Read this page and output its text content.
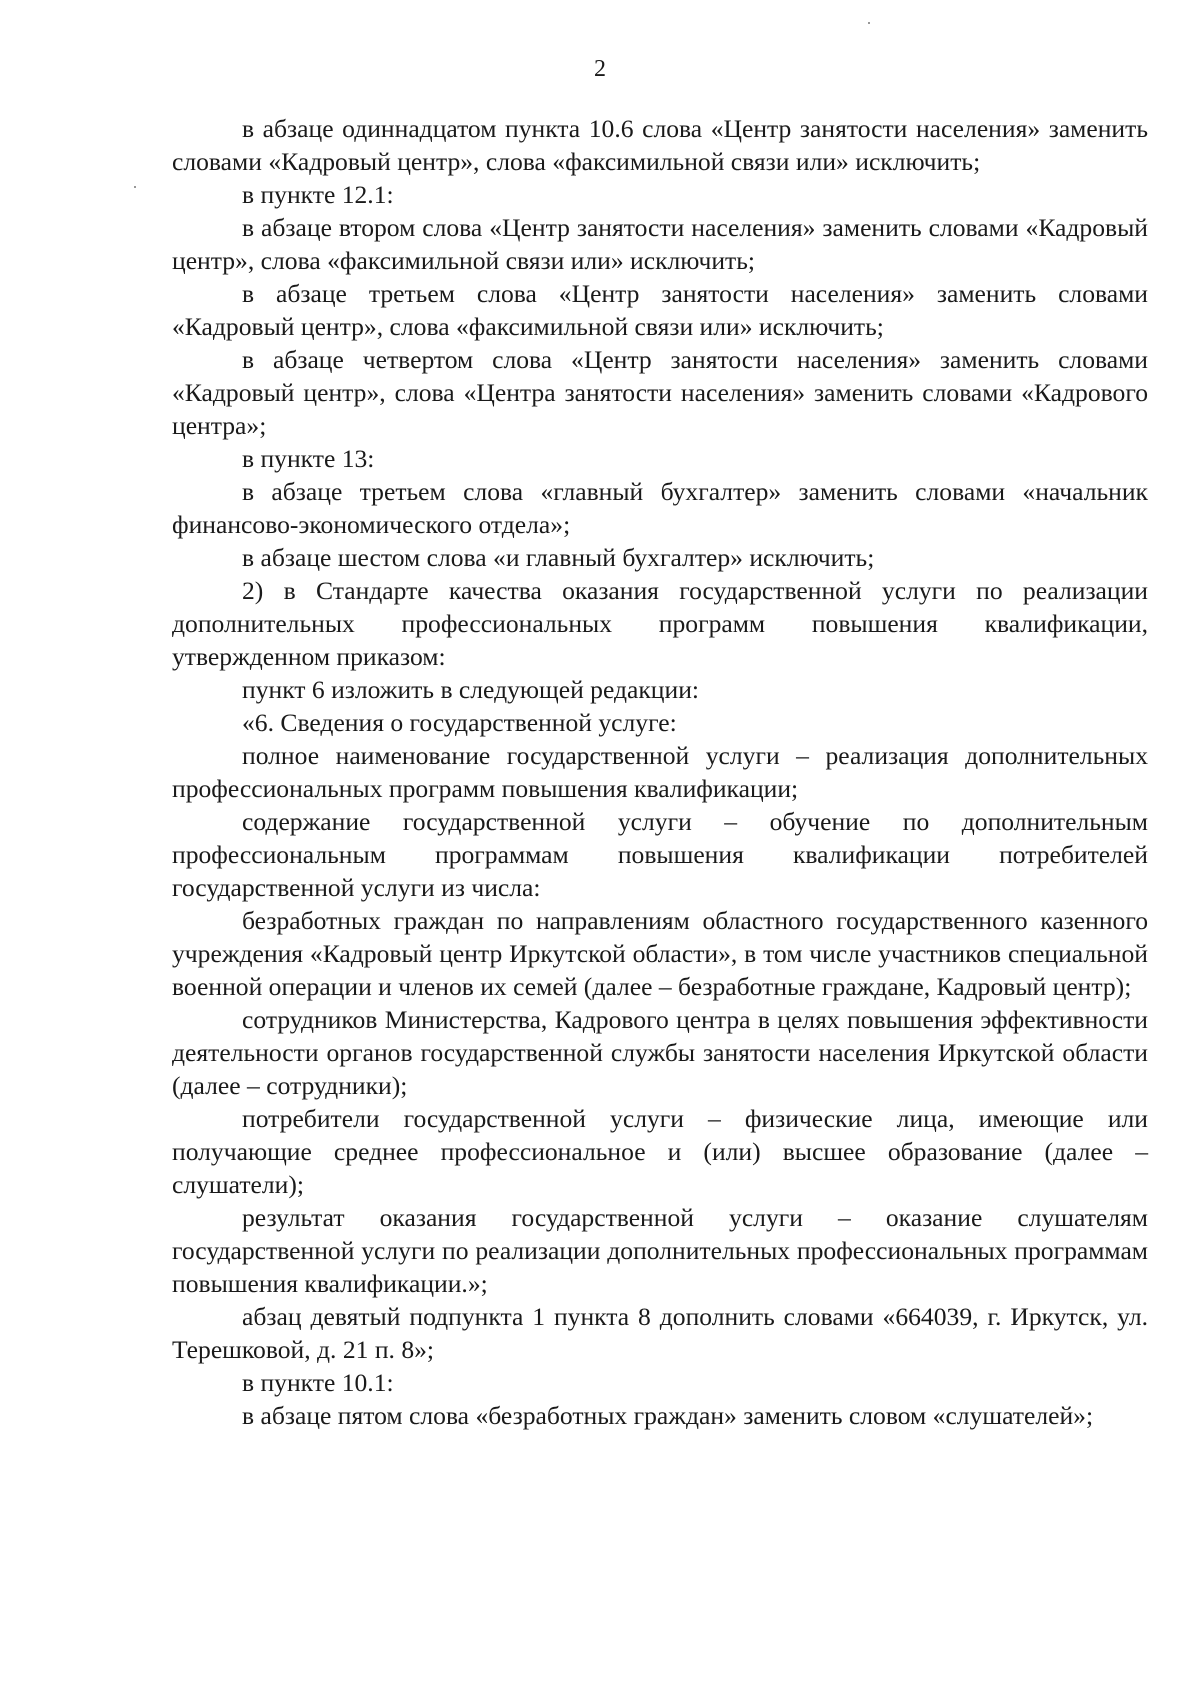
2

в абзаце одиннадцатом пункта 10.6 слова «Центр занятости населения» заменить словами «Кадровый центр», слова «факсимильной связи или» исключить;

в пункте 12.1:

в абзаце втором слова «Центр занятости населения» заменить словами «Кадровый центр», слова «факсимильной связи или» исключить;

в абзаце третьем слова «Центр занятости населения» заменить словами «Кадровый центр», слова «факсимильной связи или» исключить;

в абзаце четвертом слова «Центр занятости населения» заменить словами «Кадровый центр», слова «Центра занятости населения» заменить словами «Кадрового центра»;

в пункте 13:

в абзаце третьем слова «главный бухгалтер» заменить словами «начальник финансово-экономического отдела»;

в абзаце шестом слова «и главный бухгалтер» исключить;

2) в Стандарте качества оказания государственной услуги по реализации дополнительных профессиональных программ повышения квалификации, утвержденном приказом:

пункт 6 изложить в следующей редакции:

«6. Сведения о государственной услуге:

полное наименование государственной услуги – реализация дополнительных профессиональных программ повышения квалификации;

содержание государственной услуги – обучение по дополнительным профессиональным программам повышения квалификации потребителей государственной услуги из числа:

безработных граждан по направлениям областного государственного казенного учреждения «Кадровый центр Иркутской области», в том числе участников специальной военной операции и членов их семей (далее – безработные граждане, Кадровый центр);

сотрудников Министерства, Кадрового центра в целях повышения эффективности деятельности органов государственной службы занятости населения Иркутской области (далее – сотрудники);

потребители государственной услуги – физические лица, имеющие или получающие среднее профессиональное и (или) высшее образование (далее – слушатели);

результат оказания государственной услуги – оказание слушателям государственной услуги по реализации дополнительных профессиональных программам повышения квалификации.»;

абзац девятый подпункта 1 пункта 8 дополнить словами «664039, г. Иркутск, ул. Терешковой, д. 21 п. 8»;

в пункте 10.1:

в абзаце пятом слова «безработных граждан» заменить словом «слушателей»;
